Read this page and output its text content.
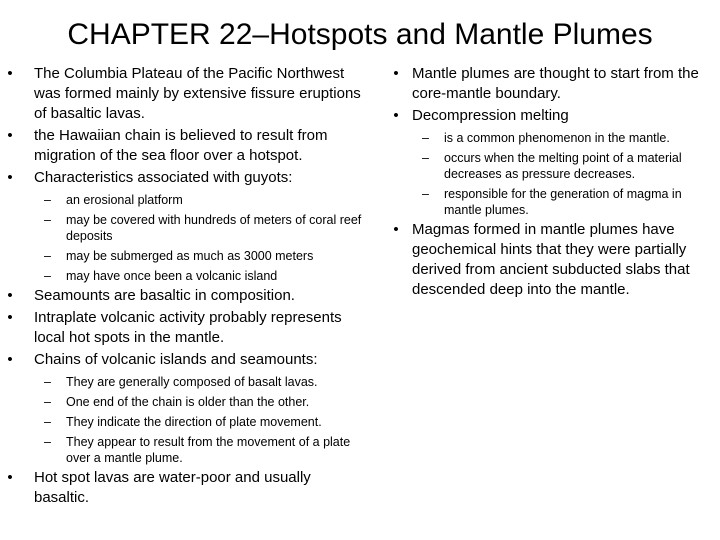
CHAPTER 22–Hotspots and Mantle Plumes
• The Columbia Plateau of the Pacific Northwest was formed mainly by extensive fissure eruptions of basaltic lavas.
• the Hawaiian chain is believed to result from migration of the sea floor over a hotspot.
• Characteristics associated with guyots:
– an erosional platform
– may be covered with hundreds of meters of coral reef deposits
– may be submerged as much as 3000 meters
– may have once been a volcanic island
• Seamounts are basaltic in composition.
• Intraplate volcanic activity probably represents local hot spots in the mantle.
• Chains of volcanic islands and seamounts:
– They are generally composed of basalt lavas.
– One end of the chain is older than the other.
– They indicate the direction of plate movement.
– They appear to result from the movement of a plate over a mantle plume.
• Hot spot lavas are water-poor and usually basaltic.
• Mantle plumes are thought to start from the core-mantle boundary.
• Decompression melting
– is a common phenomenon in the mantle.
– occurs when the melting point of a material decreases as pressure decreases.
– responsible for the generation of magma in mantle plumes.
• Magmas formed in mantle plumes have geochemical hints that they were partially derived from ancient subducted slabs that descended deep into the mantle.
